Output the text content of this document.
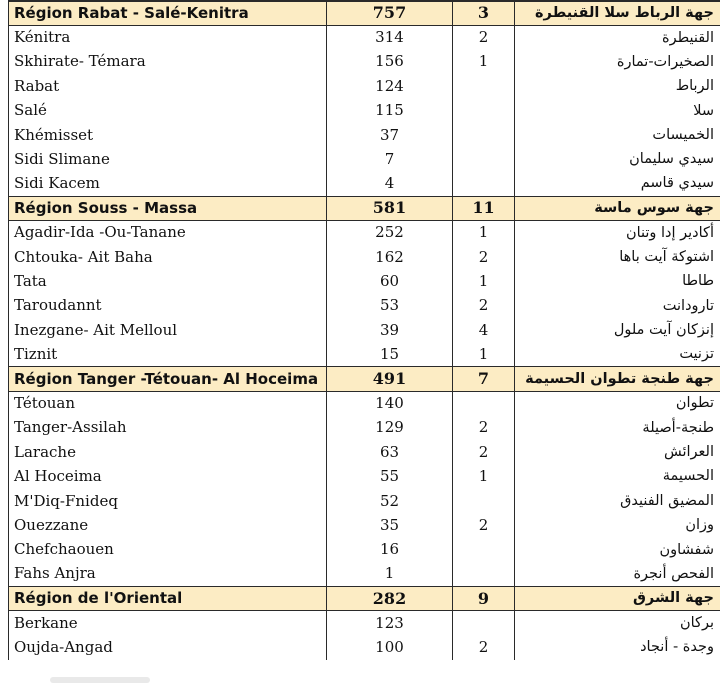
Région Rabat - Salé-Kenitra	757	3	جهة الرباط سلا القنيطرة
Kénitra	314	2	القنيطرة
Skhirate- Témara	156	1	الصخيرات-تمارة
Rabat	124		الرباط
Salé	115		سلا
Khémisset	37		الخميسات
Sidi Slimane	7		سيدي سليمان
Sidi Kacem	4		سيدي قاسم
Région Souss - Massa	581	11	جهة سوس ماسة
Agadir-Ida -Ou-Tanane	252	1	أكادير إدا وتنان
Chtouka- Ait Baha	162	2	اشتوكة آيت باها
Tata	60	1	طاطا
Taroudannt	53	2	تارودانت
Inezgane- Ait Melloul	39	4	إنزكان آيت ملول
Tiznit	15	1	تزنيت
Région Tanger -Tétouan- Al Hoceima	491	7	جهة طنجة تطوان الحسيمة
Tétouan	140		تطوان
Tanger-Assilah	129	2	طنجة-أصيلة
Larache	63	2	العرائش
Al Hoceima	55	1	الحسيمة
M'Diq-Fnideq	52		المضيق الفنيدق
Ouezzane	35	2	وزان
Chefchaouen	16		شفشاون
Fahs Anjra	1		الفحص أنجرة
Région de l'Oriental	282	9	جهة الشرق
Berkane	123		بركان
Oujda-Angad	100	2	وجدة - أنجاد
